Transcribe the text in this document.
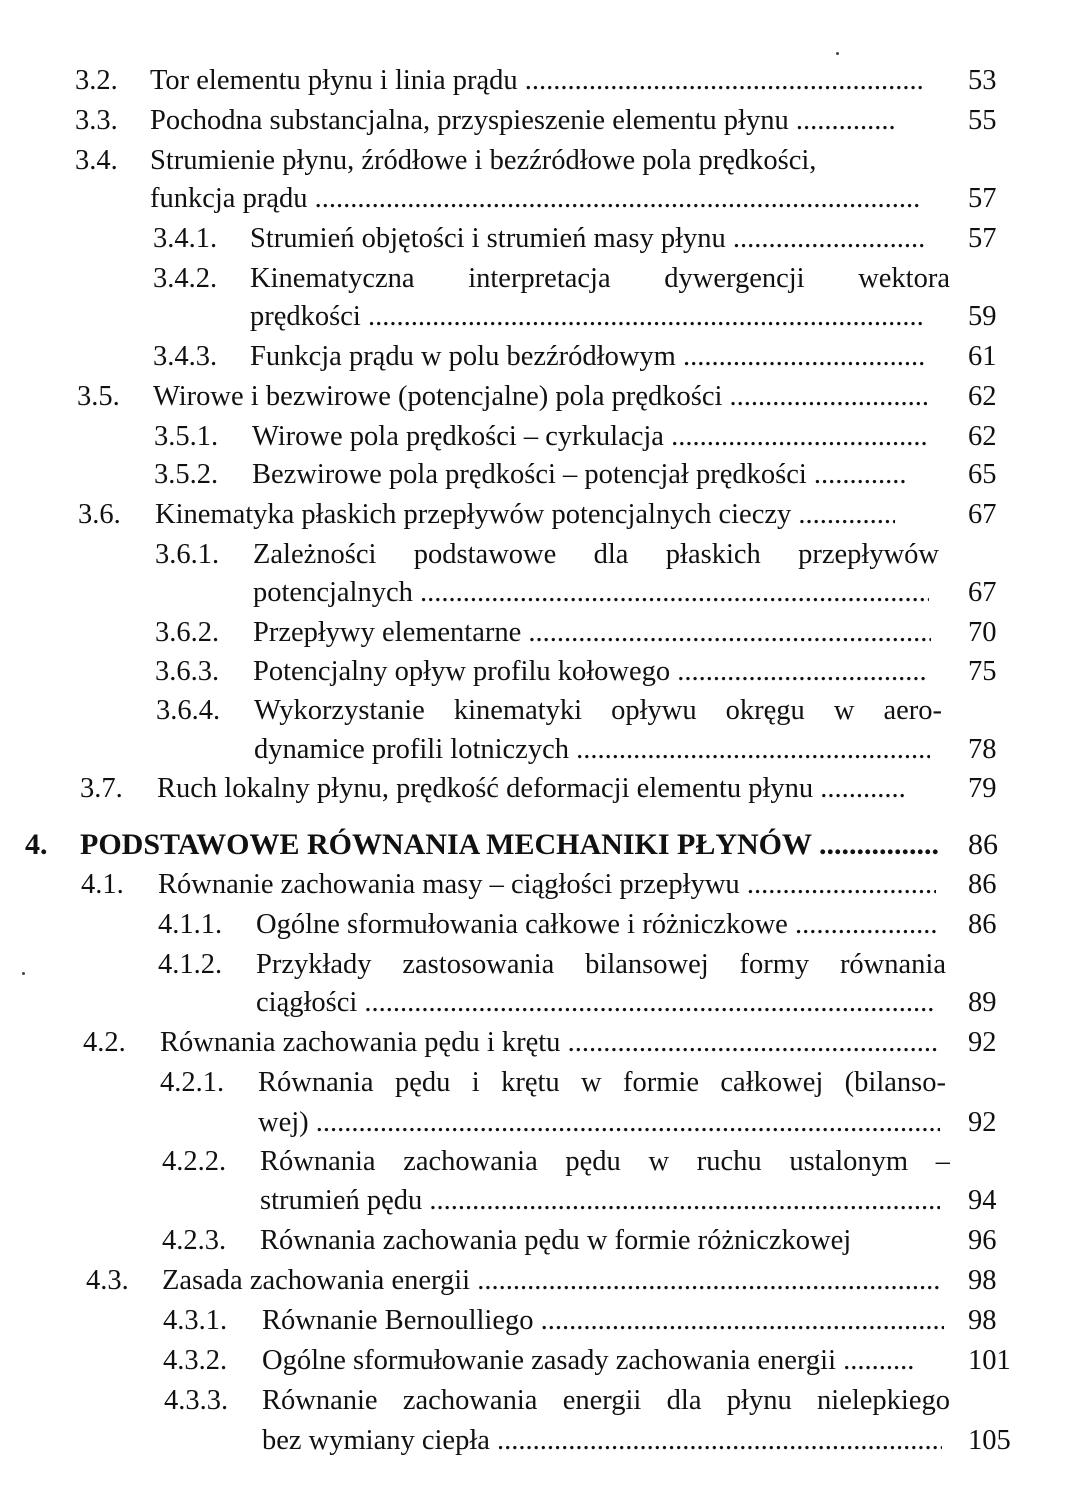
3.2. Tor elementu płynu i linia prądu .....	53
3.3. Pochodna substancjalna, przyspieszenie elementu płynu .....	55
3.4. Strumienie płynu, źródłowe i bezźródłowe pola prędkości,
funkcja prądu .....	57
3.4.1. Strumień objętości i strumień masy płynu .....	57
3.4.2. Kinematyczna interpretacja dywergencji wektora
prędkości .....	59
3.4.3. Funkcja prądu w polu bezźródłowym .....	61
3.5. Wirowe i bezwirowe (potencjalne) pola prędkości .....	62
3.5.1. Wirowe pola prędkości – cyrkulacja .....	62
3.5.2. Bezwirowe pola prędkości – potencjał prędkości .....	65
3.6. Kinematyka płaskich przepływów potencjalnych cieczy .....	67
3.6.1. Zależności podstawowe dla płaskich przepływów
potencjalnych .....	67
3.6.2. Przepływy elementarne .....	70
3.6.3. Potencjalny opływ profilu kołowego .....	75
3.6.4. Wykorzystanie kinematyki opływu okręgu w aero-
dynamice profili lotniczych .....	78
3.7. Ruch lokalny płynu, prędkość deformacji elementu płynu .....	79
4. PODSTAWOWE RÓWNANIA MECHANIKI PŁYNÓW .....	86
4.1. Równanie zachowania masy – ciągłości przepływu .....	86
4.1.1. Ogólne sformułowania całkowe i różniczkowe .....	86
4.1.2. Przykłady zastosowania bilansowej formy równania
ciągłości .....	89
4.2. Równania zachowania pędu i krętu .....	92
4.2.1. Równania pędu i krętu w formie całkowej (bilanso-
wej) .....	92
4.2.2. Równania zachowania pędu w ruchu ustalonym –
strumień pędu .....	94
4.2.3. Równania zachowania pędu w formie różniczkowej	96
4.3. Zasada zachowania energii .....	98
4.3.1. Równanie Bernoulliego .....	98
4.3.2. Ogólne sformułowanie zasady zachowania energii .....	101
4.3.3. Równanie zachowania energii dla płynu nielepkiego
bez wymiany ciepła .....	105
